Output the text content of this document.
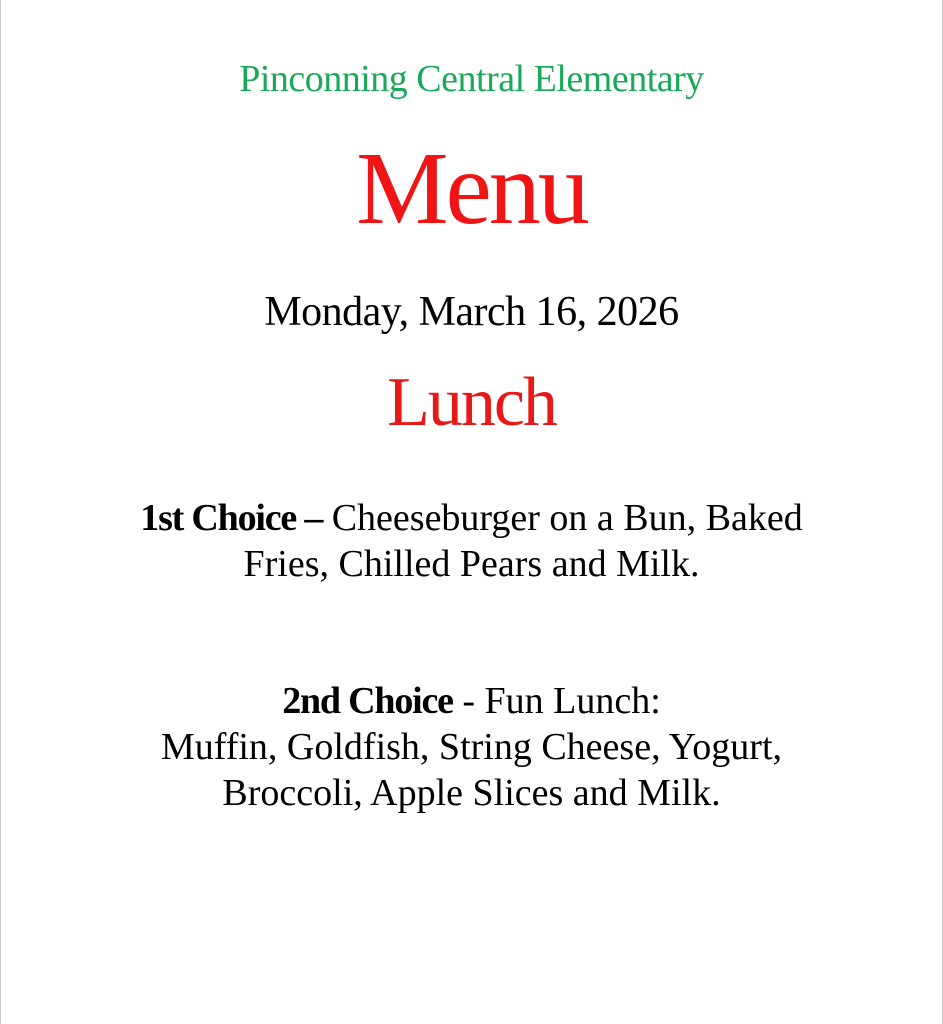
Pinconning Central Elementary
Menu
Monday, March 16, 2026
Lunch
1st Choice – Cheeseburger on a Bun, Baked
Fries, Chilled Pears and Milk.
2nd Choice - Fun Lunch:
Muffin, Goldfish, String Cheese, Yogurt,
Broccoli, Apple Slices and Milk.
